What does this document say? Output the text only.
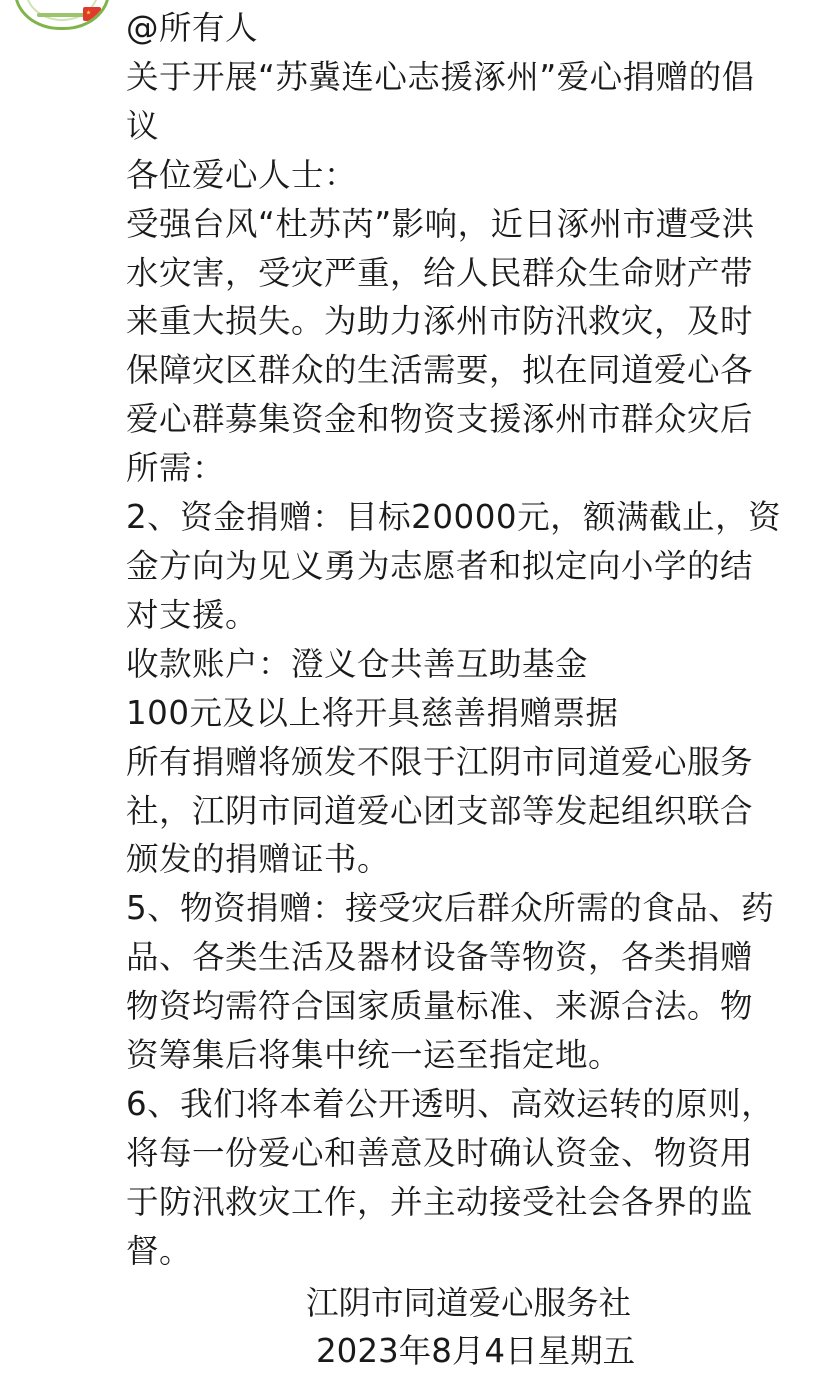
@所有人
关于开展“苏冀连心志援涿州”爱心捐赠的倡
议
各位爱心人士：
受强台风“杜苏芮”影响，近日涿州市遭受洪
水灾害，受灾严重，给人民群众生命财产带
来重大损失。为助力涿州市防汛救灾，及时
保障灾区群众的生活需要，拟在同道爱心各
爱心群募集资金和物资支援涿州市群众灾后
所需：
2、资金捐赠：目标20000元，额满截止，资
金方向为见义勇为志愿者和拟定向小学的结
对支援。
收款账户：澄义仓共善互助基金
100元及以上将开具慈善捐赠票据
所有捐赠将颁发不限于江阴市同道爱心服务
社，江阴市同道爱心团支部等发起组织联合
颁发的捐赠证书。
5、物资捐赠：接受灾后群众所需的食品、药
品、各类生活及器材设备等物资，各类捐赠
物资均需符合国家质量标准、来源合法。物
资筹集后将集中统一运至指定地。
6、我们将本着公开透明、高效运转的原则，
将每一份爱心和善意及时确认资金、物资用
于防汛救灾工作，并主动接受社会各界的监
督。
江阴市同道爱心服务社
2023年8月4日星期五
